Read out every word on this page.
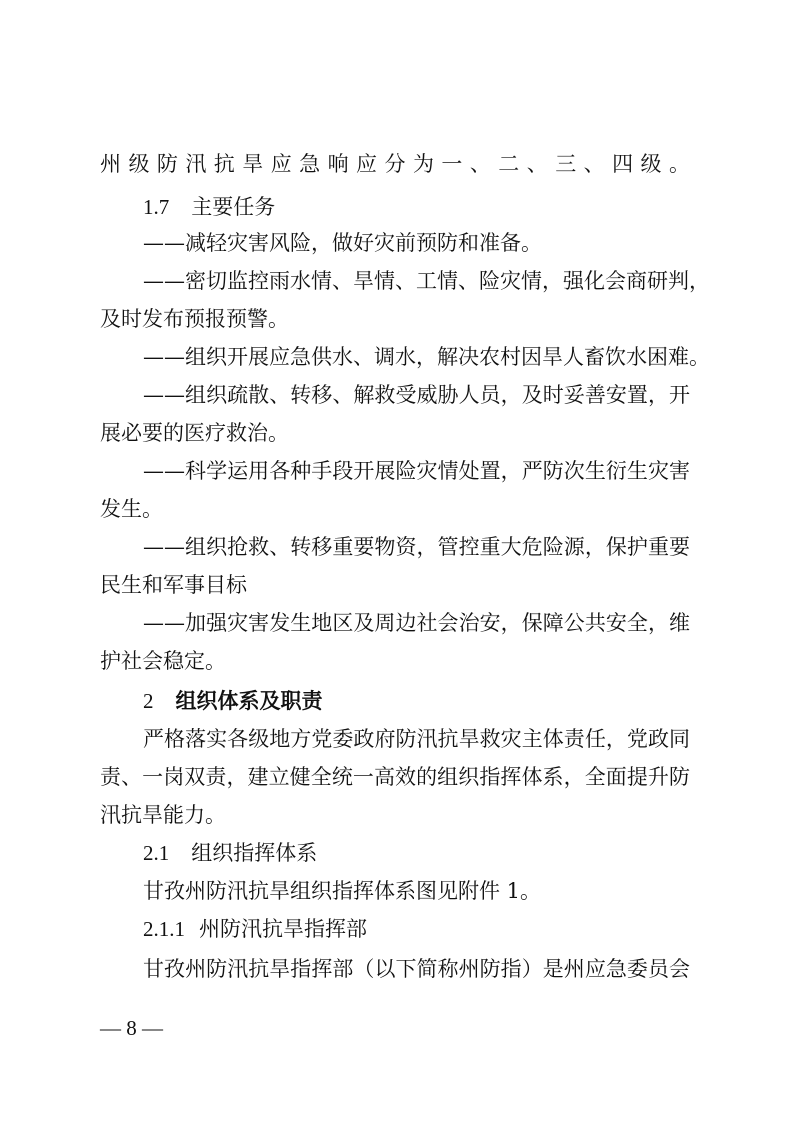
州级防汛抗旱应急响应分为一、二、三、四级。
1.7 主要任务
——减轻灾害风险，做好灾前预防和准备。
——密切监控雨水情、旱情、工情、险灾情，强化会商研判，
及时发布预报预警。
——组织开展应急供水、调水，解决农村因旱人畜饮水困难。
——组织疏散、转移、解救受威胁人员，及时妥善安置，开
展必要的医疗救治。
——科学运用各种手段开展险灾情处置，严防次生衍生灾害
发生。
——组织抢救、转移重要物资，管控重大危险源，保护重要
民生和军事目标
——加强灾害发生地区及周边社会治安，保障公共安全，维
护社会稳定。
2 组织体系及职责
严格落实各级地方党委政府防汛抗旱救灾主体责任，党政同
责、一岗双责，建立健全统一高效的组织指挥体系，全面提升防
汛抗旱能力。
2.1 组织指挥体系
甘孜州防汛抗旱组织指挥体系图见附件 1。
2.1.1 州防汛抗旱指挥部
甘孜州防汛抗旱指挥部（以下简称州防指）是州应急委员会
— 8 —
